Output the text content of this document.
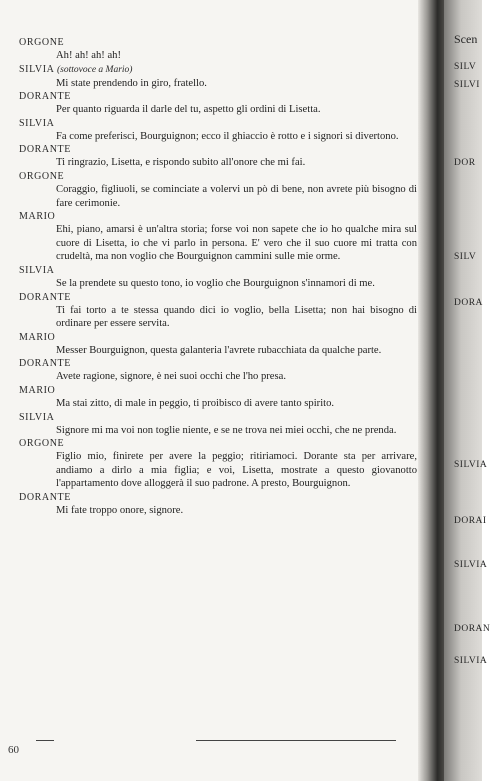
ORGONE
Ah! ah! ah! ah!
SILVIA (sottovoce a Mario)
Mi state prendendo in giro, fratello.
DORANTE
Per quanto riguarda il darle del tu, aspetto gli ordini di Lisetta.
SILVIA
Fa come preferisci, Bourguignon; ecco il ghiaccio è rotto e i signori si divertono.
DORANTE
Ti ringrazio, Lisetta, e rispondo subito all'onore che mi fai.
ORGONE
Coraggio, figliuoli, se cominciate a volervi un pò di bene, non avrete più bisogno di fare cerimonie.
MARIO
Ehi, piano, amarsi è un'altra storia; forse voi non sapete che io ho qualche mira sul cuore di Lisetta, io che vi parlo in persona. E' vero che il suo cuore mi tratta con crudeltà, ma non voglio che Bourguignon cammini sulle mie orme.
SILVIA
Se la prendete su questo tono, io voglio che Bourguignon s'innamori di me.
DORANTE
Ti fai torto a te stessa quando dici io voglio, bella Lisetta; non hai bisogno di ordinare per essere servita.
MARIO
Messer Bourguignon, questa galanteria l'avrete rubacchiata da qualche parte.
DORANTE
Avete ragione, signore, è nei suoi occhi che l'ho presa.
MARIO
Ma stai zitto, di male in peggio, ti proibisco di avere tanto spirito.
SILVIA
Signore mi ma voi non toglie niente, e se ne trova nei miei occhi, che ne prenda.
ORGONE
Figlio mio, finirete per avere la peggio; ritiriamoci. Dorante sta per arrivare, andiamo a dirlo a mia figlia; e voi, Lisetta, mostrate a questo giovanotto l'appartamento dove alloggerà il suo padrone. A presto, Bourguignon.
DORANTE
Mi fate troppo onore, signore.
60
Scen
SILV
SILVI
DOR
SILV
DORA
SILVIA
DORAI
SILVIA
DORAN
SILVIA
